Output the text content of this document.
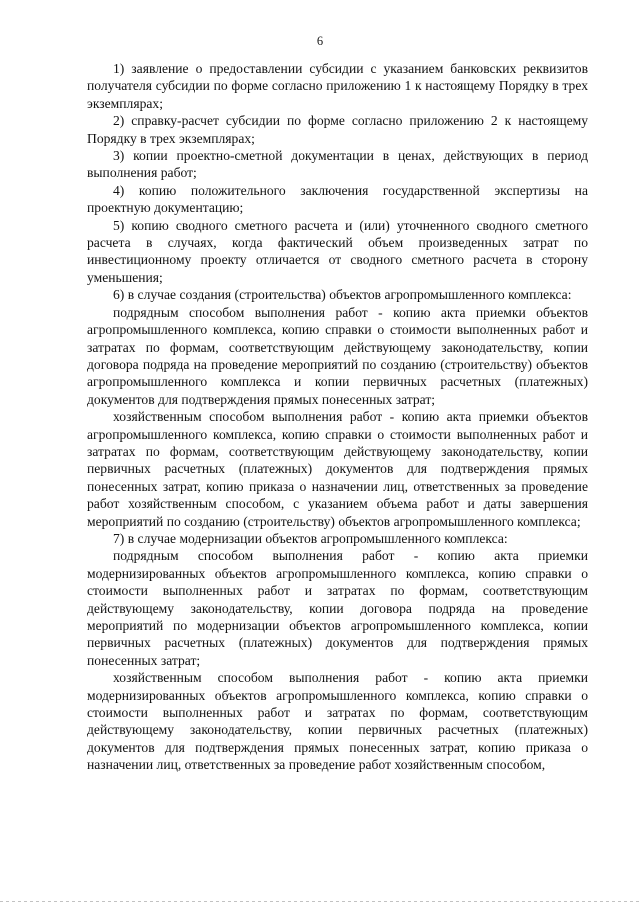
6

1) заявление о предоставлении субсидии с указанием банковских реквизитов получателя субсидии по форме согласно приложению 1 к настоящему Порядку в трех экземплярах;

2) справку-расчет субсидии по форме согласно приложению 2 к настоящему Порядку в трех экземплярах;

3) копии проектно-сметной документации в ценах, действующих в период выполнения работ;

4) копию положительного заключения государственной экспертизы на проектную документацию;

5) копию сводного сметного расчета и (или) уточненного сводного сметного расчета в случаях, когда фактический объем произведенных затрат по инвестиционному проекту отличается от сводного сметного расчета в сторону уменьшения;

6) в случае создания (строительства) объектов агропромышленного комплекса:

подрядным способом выполнения работ - копию акта приемки объектов агропромышленного комплекса, копию справки о стоимости выполненных работ и затратах по формам, соответствующим действующему законодательству, копии договора подряда на проведение мероприятий по созданию (строительству) объектов агропромышленного комплекса и копии первичных расчетных (платежных) документов для подтверждения прямых понесенных затрат;

хозяйственным способом выполнения работ - копию акта приемки объектов агропромышленного комплекса, копию справки о стоимости выполненных работ и затратах по формам, соответствующим действующему законодательству, копии первичных расчетных (платежных) документов для подтверждения прямых понесенных затрат, копию приказа о назначении лиц, ответственных за проведение работ хозяйственным способом, с указанием объема работ и даты завершения мероприятий по созданию (строительству) объектов агропромышленного комплекса;

7) в случае модернизации объектов агропромышленного комплекса:

подрядным способом выполнения работ - копию акта приемки модернизированных объектов агропромышленного комплекса, копию справки о стоимости выполненных работ и затратах по формам, соответствующим действующему законодательству, копии договора подряда на проведение мероприятий по модернизации объектов агропромышленного комплекса, копии первичных расчетных (платежных) документов для подтверждения прямых понесенных затрат;

хозяйственным способом выполнения работ - копию акта приемки модернизированных объектов агропромышленного комплекса, копию справки о стоимости выполненных работ и затратах по формам, соответствующим действующему законодательству, копии первичных расчетных (платежных) документов для подтверждения прямых понесенных затрат, копию приказа о назначении лиц, ответственных за проведение работ хозяйственным способом,
